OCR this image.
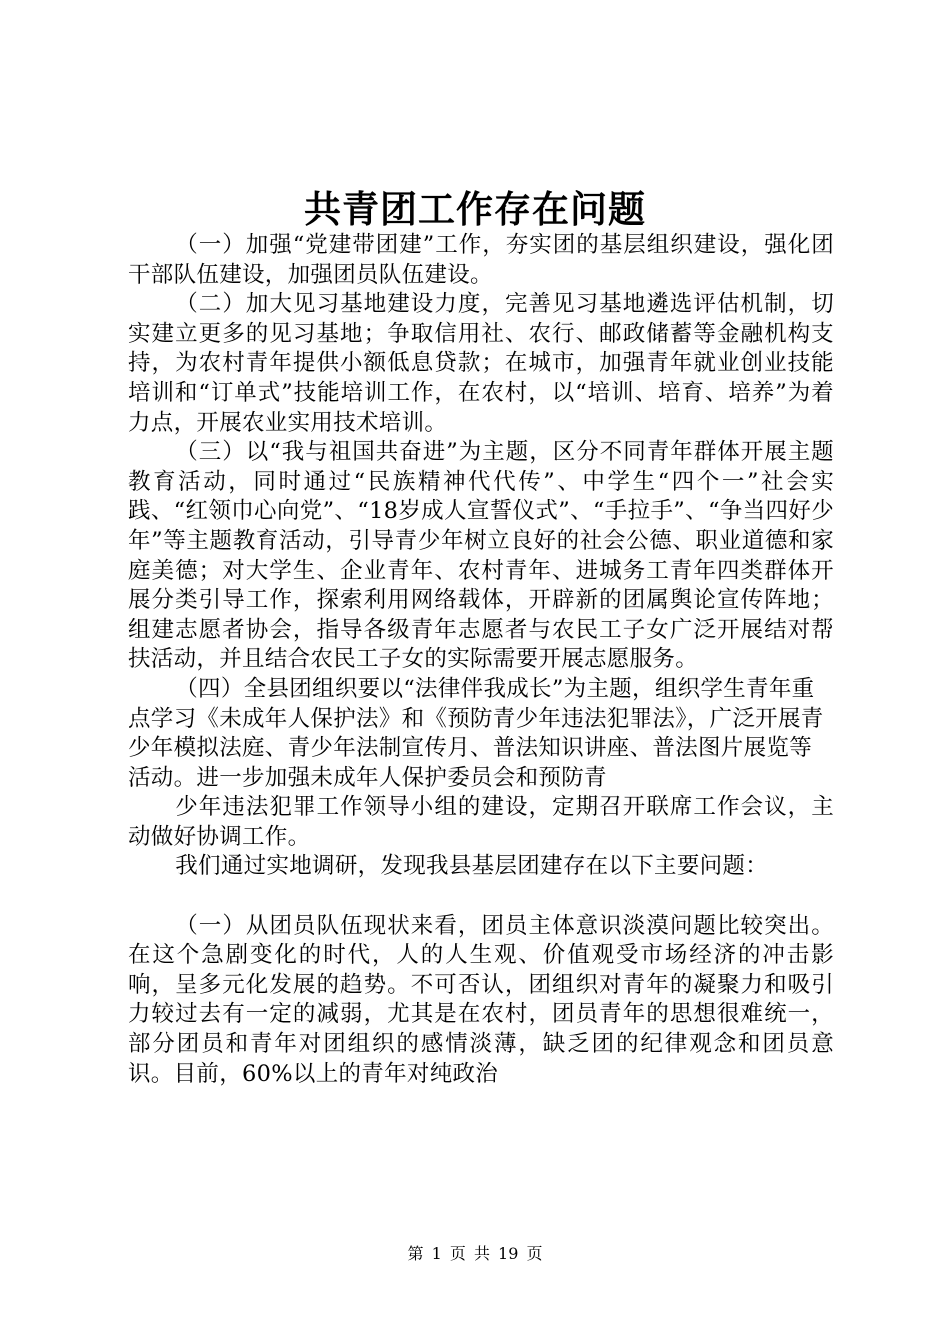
共青团工作存在问题

（一）加强“党建带团建”工作，夯实团的基层组织建设，强化团干部队伍建设，加强团员队伍建设。

（二）加大见习基地建设力度，完善见习基地遴选评估机制，切实建立更多的见习基地；争取信用社、农行、邮政储蓄等金融机构支持，为农村青年提供小额低息贷款；在城市，加强青年就业创业技能培训和“订单式”技能培训工作，在农村，以“培训、培育、培养”为着力点，开展农业实用技术培训。

（三）以“我与祖国共奋进”为主题，区分不同青年群体开展主题教育活动，同时通过“民族精神代代传”、中学生“四个一”社会实践、“红领巾心向党”、“18岁成人宣誓仪式”、“手拉手”、“争当四好少年”等主题教育活动，引导青少年树立良好的社会公德、职业道德和家庭美德；对大学生、企业青年、农村青年、进城务工青年四类群体开展分类引导工作，探索利用网络载体，开辟新的团属舆论宣传阵地；组建志愿者协会，指导各级青年志愿者与农民工子女广泛开展结对帮扶活动，并且结合农民工子女的实际需要开展志愿服务。

（四）全县团组织要以“法律伴我成长”为主题，组织学生青年重点学习《未成年人保护法》和《预防青少年违法犯罪法》，广泛开展青少年模拟法庭、青少年法制宣传月、普法知识讲座、普法图片展览等活动。进一步加强未成年人保护委员会和预防青

少年违法犯罪工作领导小组的建设，定期召开联席工作会议，主动做好协调工作。

我们通过实地调研，发现我县基层团建存在以下主要问题：

（一）从团员队伍现状来看，团员主体意识淡漠问题比较突出。在这个急剧变化的时代，人的人生观、价值观受市场经济的冲击影响，呈多元化发展的趋势。不可否认，团组织对青年的凝聚力和吸引力较过去有一定的减弱，尤其是在农村，团员青年的思想很难统一，部分团员和青年对团组织的感情淡薄，缺乏团的纪律观念和团员意识。目前，60%以上的青年对纯政治

第 1 页 共 19 页
